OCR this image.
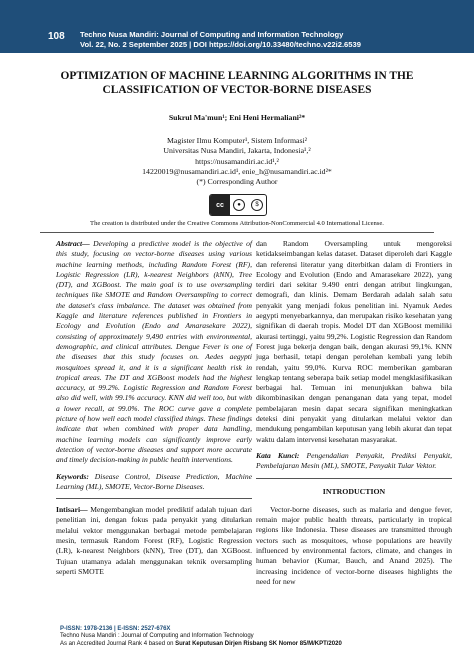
108 Techno Nusa Mandiri: Journal of Computing and Information Technology
Vol. 22, No. 2 September 2025 | DOI https://doi.org/10.33480/techno.v22i2.6539
OPTIMIZATION OF MACHINE LEARNING ALGORITHMS IN THE CLASSIFICATION OF VECTOR-BORNE DISEASES
Sukrul Ma'mun¹; Eni Heni Hermaliani²*
Magister Ilmu Komputer¹, Sistem Informasi²
Universitas Nusa Mandiri, Jakarta, Indonesia¹,²
https://nusamandiri.ac.id¹,²
14220019@nusamandiri.ac.id¹, enie_h@nusamandiri.ac.id²*
(*) Corresponding Author
cc	●	$
The creation is distributed under the Creative Commons Attribution-NonCommercial 4.0 International License.

Abstract— Developing a predictive model is the objective of this study, focusing on vector-borne diseases using various machine learning methods, including Random Forest (RF), Logistic Regression (LR), k-nearest Neighbors (kNN), Tree (DT), and XGBoost. The main goal is to use oversampling techniques like SMOTE and Random Oversampling to correct the dataset's class imbalance. The dataset was obtained from Kaggle and literature references published in Frontiers in Ecology and Evolution (Endo and Amarasekare 2022), consisting of approximately 9,490 entries with environmental, demographic, and clinical attributes. Dengue Fever is one of the diseases that this study focuses on. Aedes aegypti mosquitoes spread it, and it is a significant health risk in tropical areas. The DT and XGBoost models had the highest accuracy, at 99.2%. Logistic Regression and Random Forest also did well, with 99.1% accuracy. KNN did well too, but with a lower recall, at 99.0%. The ROC curve gave a complete picture of how well each model classified things. These findings indicate that when combined with proper data handling, machine learning models can significantly improve early detection of vector-borne diseases and support more accurate and timely decision-making in public health interventions.

Keywords: Disease Control, Disease Prediction, Machine Learning (ML), SMOTE, Vector-Borne Diseases.

Intisari— Mengembangkan model prediktif adalah tujuan dari penelitian ini, dengan fokus pada penyakit yang ditularkan melalui vektor menggunakan berbagai metode pembelajaran mesin, termasuk Random Forest (RF), Logistic Regression (LR), k-nearest Neighbors (kNN), Tree (DT), dan XGBoost. Tujuan utamanya adalah menggunakan teknik oversampling seperti SMOTE

dan Random Oversampling untuk mengoreksi ketidakseimbangan kelas dataset. Dataset diperoleh dari Kaggle dan referensi literatur yang diterbitkan dalam di Frontiers in Ecology and Evolution (Endo and Amarasekare 2022), yang terdiri dari sekitar 9.490 entri dengan atribut lingkungan, demografi, dan klinis. Demam Berdarah adalah salah satu penyakit yang menjadi fokus penelitian ini. Nyamuk Aedes aegypti menyebarkannya, dan merupakan risiko kesehatan yang signifikan di daerah tropis. Model DT dan XGBoost memiliki akurasi tertinggi, yaitu 99,2%. Logistic Regression dan Random Forest juga bekerja dengan baik, dengan akurasi 99,1%. KNN juga berhasil, tetapi dengan perolehan kembali yang lebih rendah, yaitu 99,0%. Kurva ROC memberikan gambaran lengkap tentang seberapa baik setiap model mengklasifikasikan berbagai hal. Temuan ini menunjukkan bahwa bila dikombinasikan dengan penanganan data yang tepat, model pembelajaran mesin dapat secara signifikan meningkatkan deteksi dini penyakit yang ditularkan melalui vektor dan mendukung pengambilan keputusan yang lebih akurat dan tepat waktu dalam intervensi kesehatan masyarakat.

Kata Kunci: Pengendalian Penyakit, Prediksi Penyakit, Pembelajaran Mesin (ML), SMOTE, Penyakit Tular Vektor.

INTRODUCTION

Vector-borne diseases, such as malaria and dengue fever, remain major public health threats, particularly in tropical regions like Indonesia. These diseases are transmitted through vectors such as mosquitoes, whose populations are heavily influenced by environmental factors, climate, and changes in human behavior (Kumar, Bauch, and Anand 2025). The increasing incidence of vector-borne diseases highlights the need for new

P-ISSN: 1978-2136 | E-ISSN: 2527-676X
Techno Nusa Mandiri : Journal of Computing and Information Technology
As an Accredited Journal Rank 4 based on Surat Keputusan Dirjen Risbang SK Nomor 85/M/KPT/2020
